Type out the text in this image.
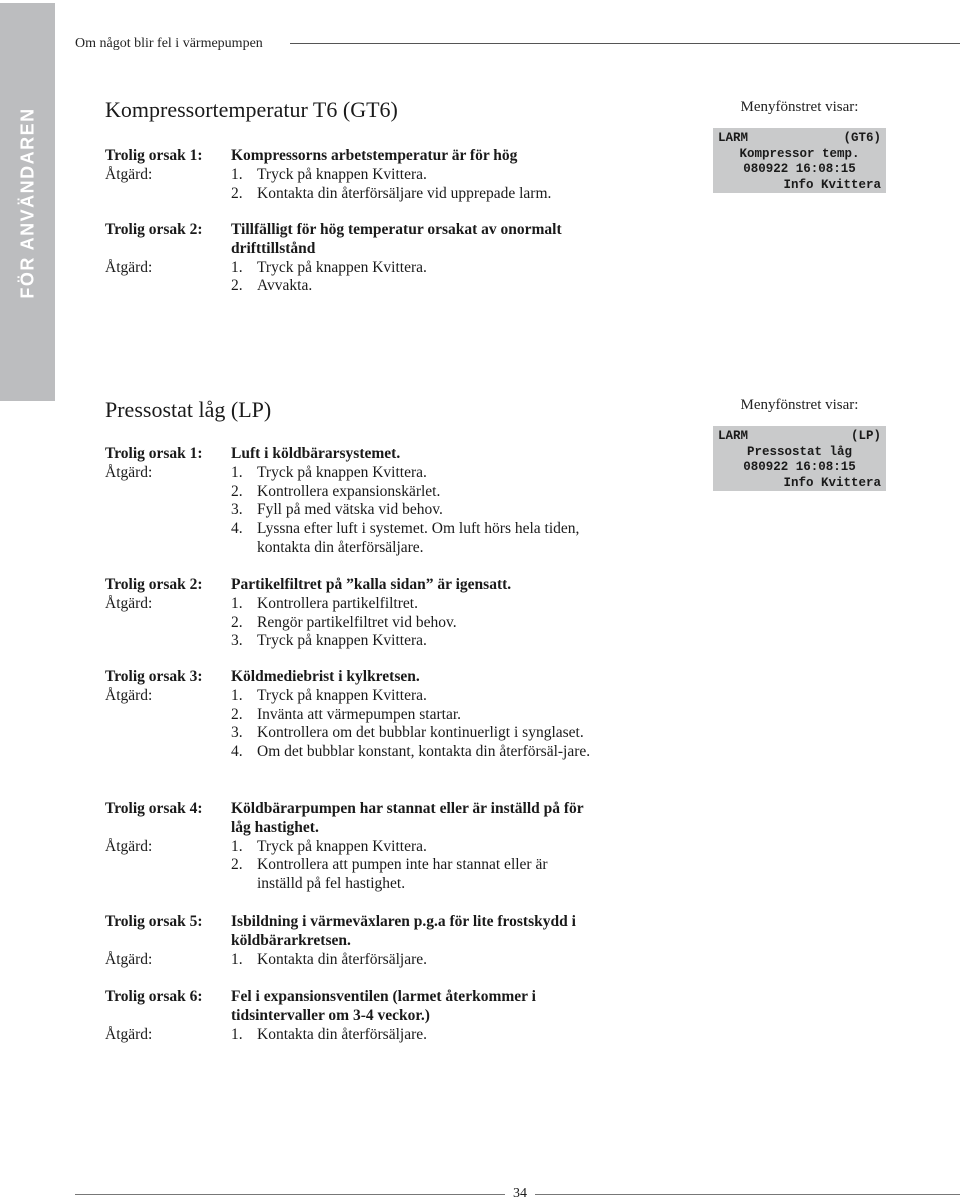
Om något blir fel i värmepumpen
FÖR ANVÄNDAREN	Kompressortemperatur T6 (GT6)	Menyfönstret visar:
LARM	(GT6)
Kompressor temp.
080922 16:08:15
Info Kvittera
Trolig orsak 1:	Kompressorns arbetstemperatur är för hög
Åtgärd:	1. Tryck på knappen Kvittera.
2. Kontakta din återförsäljare vid upprepade larm.
Trolig orsak 2:	Tillfälligt för hög temperatur orsakat av onormalt drifttillstånd
Åtgärd:	1. Tryck på knappen Kvittera.
2. Avvakta.
Pressostat låg (LP)	Menyfönstret visar:
LARM	(LP)
Pressostat låg
080922 16:08:15
Info Kvittera
Trolig orsak 1:	Luft i köldbärarsystemet.
Åtgärd:	1. Tryck på knappen Kvittera.
2. Kontrollera expansionskärlet.
3. Fyll på med vätska vid behov.
4. Lyssna efter luft i systemet. Om luft hörs hela tiden, kontakta din återförsäljare.
Trolig orsak 2:	Partikelfiltret på ”kalla sidan” är igensatt.
Åtgärd:	1. Kontrollera partikelfiltret.
2. Rengör partikelfiltret vid behov.
3. Tryck på knappen Kvittera.
Trolig orsak 3:	Köldmediebrist i kylkretsen.
Åtgärd:	1. Tryck på knappen Kvittera.
2. Invänta att värmepumpen startar.
3. Kontrollera om det bubblar kontinuerligt i synglaset.
4. Om det bubblar konstant, kontakta din återförsäl-jare.
Trolig orsak 4:	Köldbärarpumpen har stannat eller är inställd på för låg hastighet.
Åtgärd:	1. Tryck på knappen Kvittera.
2. Kontrollera att pumpen inte har stannat eller är inställd på fel hastighet.
Trolig orsak 5:	Isbildning i värmeväxlaren p.g.a för lite frostskydd i köldbärarkretsen.
Åtgärd:	1. Kontakta din återförsäljare.
Trolig orsak 6:	Fel i expansionsventilen (larmet återkommer i tidsintervaller om 3-4 veckor.)
Åtgärd:	1. Kontakta din återförsäljare.
34
